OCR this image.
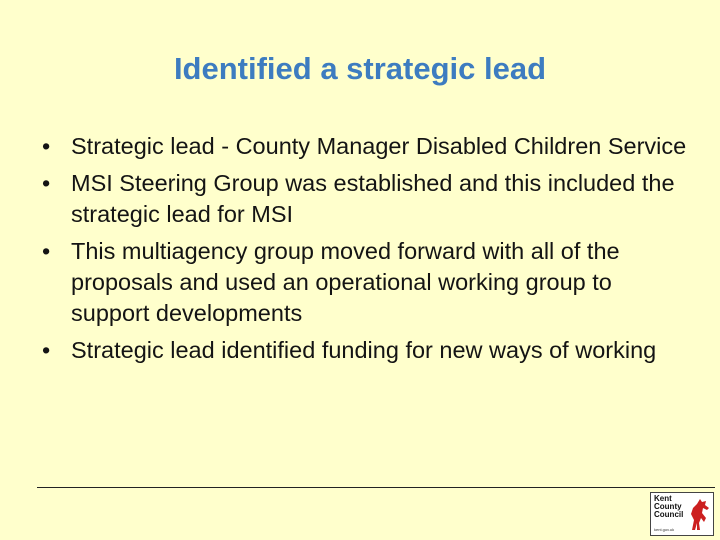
Identified a strategic lead
• Strategic lead - County Manager Disabled Children Service
• MSI Steering Group was established and this included the strategic lead for MSI
• This multiagency group moved forward with all of the proposals and used an operational working group to support developments
• Strategic lead identified funding for new ways of working
Kent County Council
kent.gov.uk
